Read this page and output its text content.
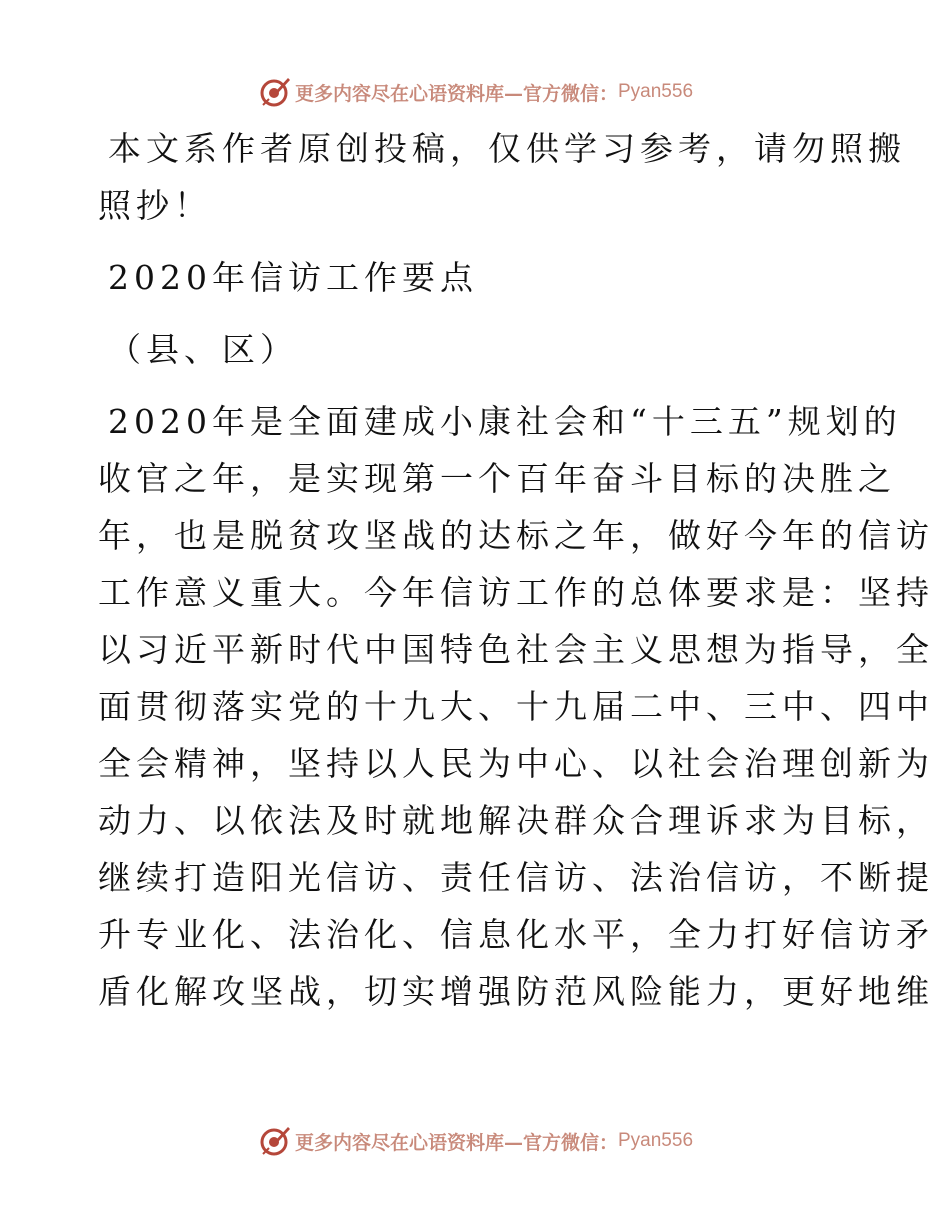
更多内容尽在心语资料库—官方微信： Pyan556
本文系作者原创投稿，仅供学习参考，请勿照搬
照抄！
2020年信访工作要点
（县、区）
2020年是全面建成小康社会和“十三五”规划的
收官之年，是实现第一个百年奋斗目标的决胜之
年，也是脱贫攻坚战的达标之年，做好今年的信访
工作意义重大。今年信访工作的总体要求是：坚持
以习近平新时代中国特色社会主义思想为指导，全
面贯彻落实党的十九大、十九届二中、三中、四中
全会精神，坚持以人民为中心、以社会治理创新为
动力、以依法及时就地解决群众合理诉求为目标，
继续打造阳光信访、责任信访、法治信访，不断提
升专业化、法治化、信息化水平，全力打好信访矛
盾化解攻坚战，切实增强防范风险能力，更好地维
更多内容尽在心语资料库—官方微信： Pyan556
